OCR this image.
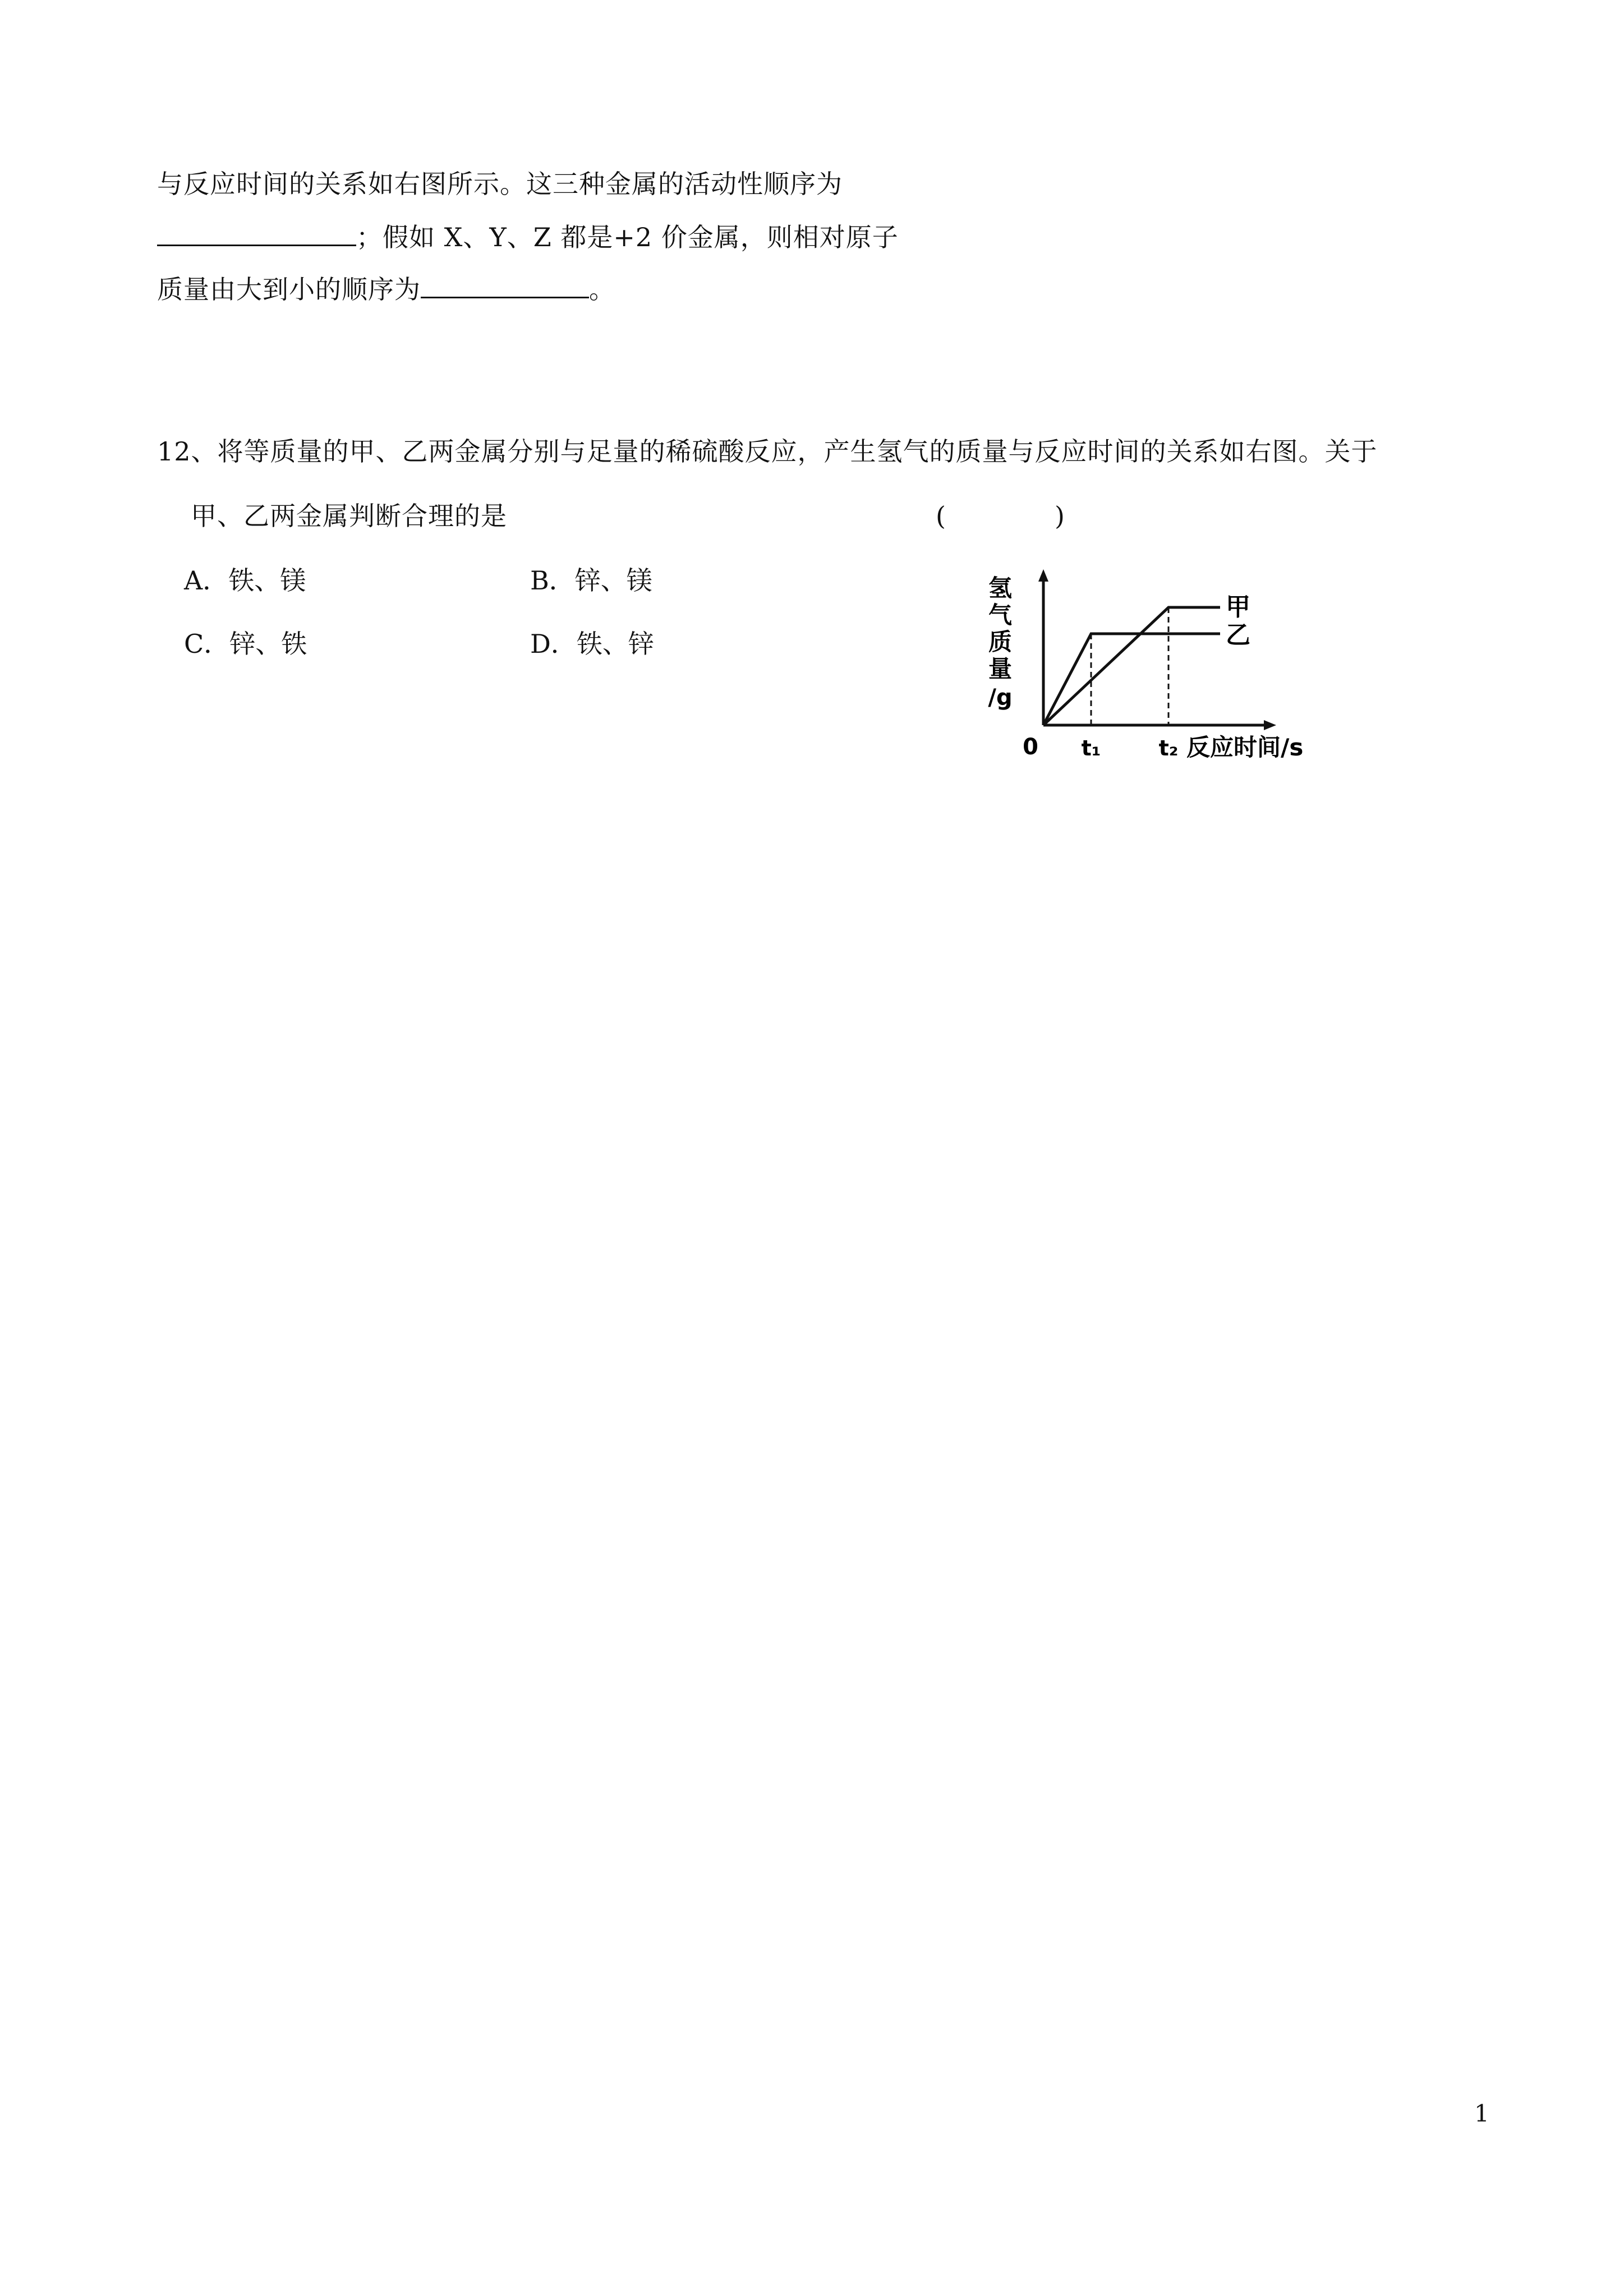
与反应时间的关系如右图所示。这三种金属的活动性顺序为
；假如 X、Y、Z 都是+2 价金属，则相对原子
质量由大到小的顺序为	。
12、将等质量的甲、乙两金属分别与足量的稀硫酸反应，产生氢气的质量与反应时间的关系如右图。关于
甲、乙两金属判断合理的是	(	)
A．铁、镁	B．锌、镁
C．锌、铁	D．铁、锌
氢
气
质
量
/g
甲
乙
0 t₁	t₂ 反应时间/s
1
